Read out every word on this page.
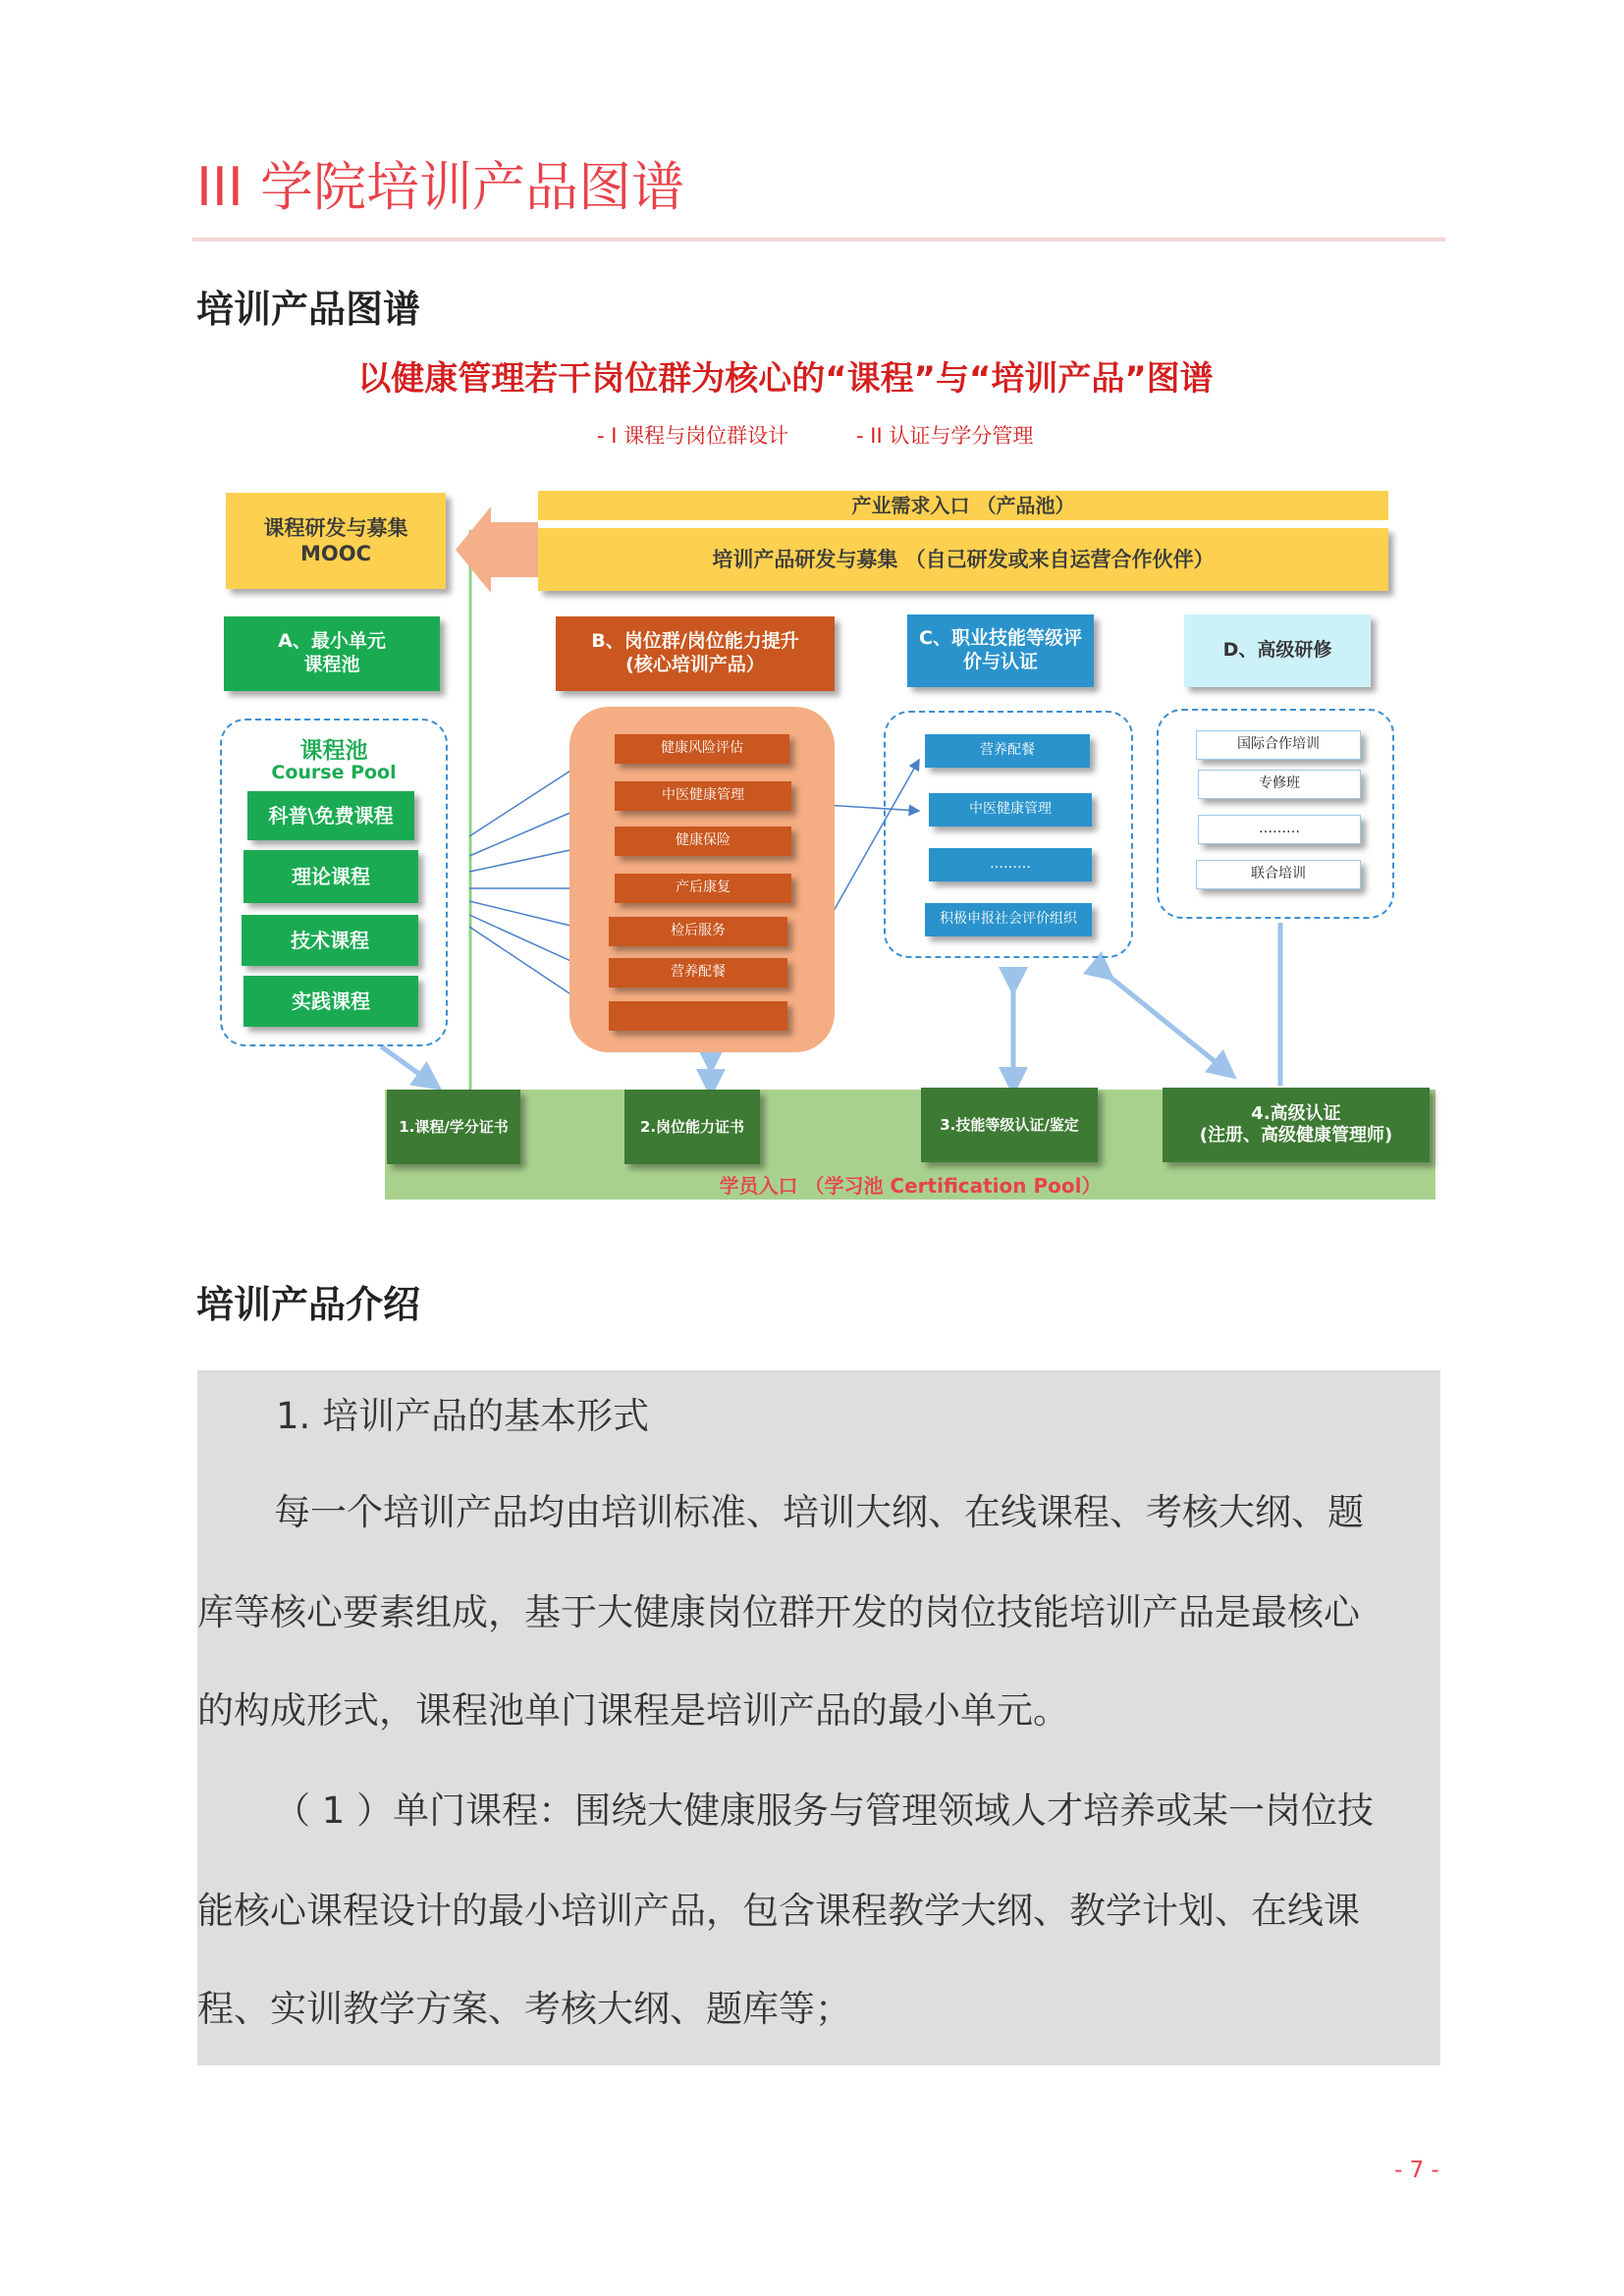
III 学院培训产品图谱
培训产品图谱
以健康管理若干岗位群为核心的“课程”与“培训产品”图谱
- I 课程与岗位群设计	- II 认证与学分管理
课程研发与募集
MOOC
产业需求入口 （产品池）
培训产品研发与募集 （自己研发或来自运营合作伙伴）
A、最小单元
课程池
B、岗位群/岗位能力提升
(核心培训产品）
C、职业技能等级评
价与认证
D、高级研修
课程池
Course Pool
科普\免费课程
理论课程
技术课程
实践课程
健康风险评估
中医健康管理
健康保险
产后康复
检后服务
营养配餐
营养配餐
中医健康管理
………
积极申报社会评价组织
国际合作培训
专修班
………
联合培训
1.课程/学分证书	2.岗位能力证书	3.技能等级认证/鉴定
4.高级认证
(注册、高级健康管理师)
学员入口 （学习池 Certification Pool）
培训产品介绍
1. 培训产品的基本形式
每一个培训产品均由培训标准、培训大纲、在线课程、考核大纲、题
库等核心要素组成，基于大健康岗位群开发的岗位技能培训产品是最核心
的构成形式，课程池单门课程是培训产品的最小单元。
（ 1 ）单门课程：围绕大健康服务与管理领域人才培养或某一岗位技
能核心课程设计的最小培训产品，包含课程教学大纲、教学计划、在线课
程、实训教学方案、考核大纲、题库等；
- 7 -
